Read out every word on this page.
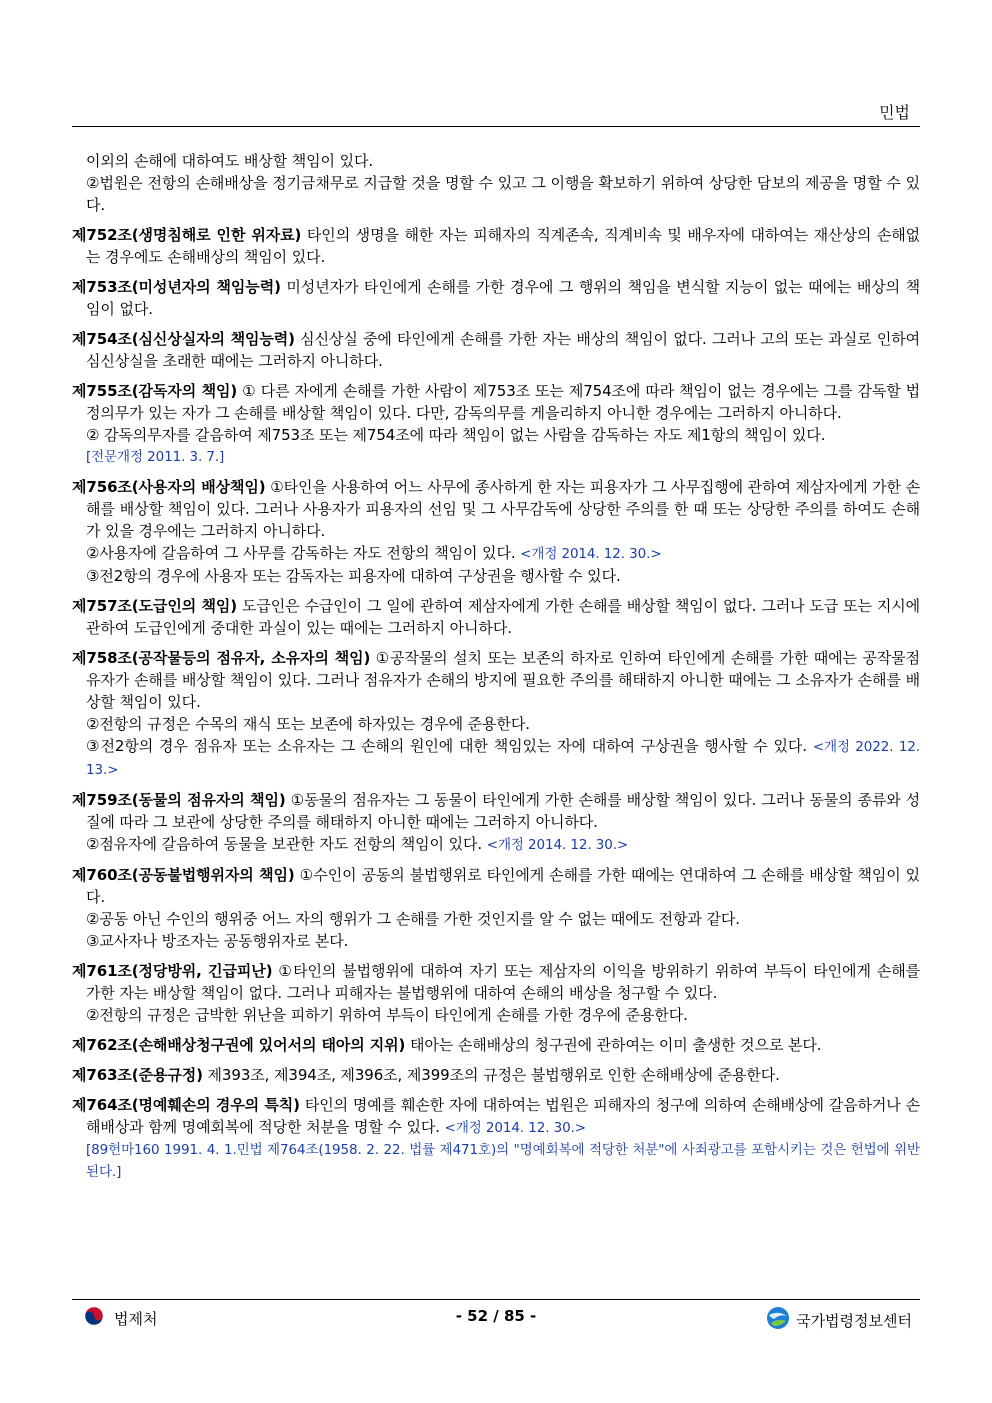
민법

이외의 손해에 대하여도 배상할 책임이 있다.

②법원은 전항의 손해배상을 정기금채무로 지급할 것을 명할 수 있고 그 이행을 확보하기 위하여 상당한 담보의 제공을 명할 수 있다.

제752조(생명침해로 인한 위자료) 타인의 생명을 해한 자는 피해자의 직계존속, 직계비속 및 배우자에 대하여는 재산상의 손해없는 경우에도 손해배상의 책임이 있다.
제753조(미성년자의 책임능력) 미성년자가 타인에게 손해를 가한 경우에 그 행위의 책임을 변식할 지능이 없는 때에는 배상의 책임이 없다.
제754조(심신상실자의 책임능력) 심신상실 중에 타인에게 손해를 가한 자는 배상의 책임이 없다. 그러나 고의 또는 과실로 인하여 심신상실을 초래한 때에는 그러하지 아니하다.
제755조(감독자의 책임) ① 다른 자에게 손해를 가한 사람이 제753조 또는 제754조에 따라 책임이 없는 경우에는 그를 감독할 법정의무가 있는 자가 그 손해를 배상할 책임이 있다. 다만, 감독의무를 게을리하지 아니한 경우에는 그러하지 아니하다.
② 감독의무자를 갈음하여 제753조 또는 제754조에 따라 책임이 없는 사람을 감독하는 자도 제1항의 책임이 있다.
[전문개정 2011. 3. 7.]
제756조(사용자의 배상책임) ①타인을 사용하여 어느 사무에 종사하게 한 자는 피용자가 그 사무집행에 관하여 제삼자에게 가한 손해를 배상할 책임이 있다. 그러나 사용자가 피용자의 선임 및 그 사무감독에 상당한 주의를 한 때 또는 상당한 주의를 하여도 손해가 있을 경우에는 그러하지 아니하다.
②사용자에 갈음하여 그 사무를 감독하는 자도 전항의 책임이 있다. <개정 2014. 12. 30.>
③전2항의 경우에 사용자 또는 감독자는 피용자에 대하여 구상권을 행사할 수 있다.
제757조(도급인의 책임) 도급인은 수급인이 그 일에 관하여 제삼자에게 가한 손해를 배상할 책임이 없다. 그러나 도급 또는 지시에 관하여 도급인에게 중대한 과실이 있는 때에는 그러하지 아니하다.
제758조(공작물등의 점유자, 소유자의 책임) ①공작물의 설치 또는 보존의 하자로 인하여 타인에게 손해를 가한 때에는 공작물점유자가 손해를 배상할 책임이 있다. 그러나 점유자가 손해의 방지에 필요한 주의를 해태하지 아니한 때에는 그 소유자가 손해를 배상할 책임이 있다.
②전항의 규정은 수목의 재식 또는 보존에 하자있는 경우에 준용한다.
③전2항의 경우 점유자 또는 소유자는 그 손해의 원인에 대한 책임있는 자에 대하여 구상권을 행사할 수 있다. <개정 2022. 12. 13.>
제759조(동물의 점유자의 책임) ①동물의 점유자는 그 동물이 타인에게 가한 손해를 배상할 책임이 있다. 그러나 동물의 종류와 성질에 따라 그 보관에 상당한 주의를 해태하지 아니한 때에는 그러하지 아니하다.
②점유자에 갈음하여 동물을 보관한 자도 전항의 책임이 있다. <개정 2014. 12. 30.>
제760조(공동불법행위자의 책임) ①수인이 공동의 불법행위로 타인에게 손해를 가한 때에는 연대하여 그 손해를 배상할 책임이 있다.
②공동 아닌 수인의 행위중 어느 자의 행위가 그 손해를 가한 것인지를 알 수 없는 때에도 전항과 같다.
③교사자나 방조자는 공동행위자로 본다.
제761조(정당방위, 긴급피난) ①타인의 불법행위에 대하여 자기 또는 제삼자의 이익을 방위하기 위하여 부득이 타인에게 손해를 가한 자는 배상할 책임이 없다. 그러나 피해자는 불법행위에 대하여 손해의 배상을 청구할 수 있다.
②전항의 규정은 급박한 위난을 피하기 위하여 부득이 타인에게 손해를 가한 경우에 준용한다.
제762조(손해배상청구권에 있어서의 태아의 지위) 태아는 손해배상의 청구권에 관하여는 이미 출생한 것으로 본다.
제763조(준용규정) 제393조, 제394조, 제396조, 제399조의 규정은 불법행위로 인한 손해배상에 준용한다.
제764조(명예훼손의 경우의 특칙) 타인의 명예를 훼손한 자에 대하여는 법원은 피해자의 청구에 의하여 손해배상에 갈음하거나 손해배상과 함께 명예회복에 적당한 처분을 명할 수 있다. <개정 2014. 12. 30.>
[89헌마160 1991. 4. 1.민법 제764조(1958. 2. 22. 법률 제471호)의 "명예회복에 적당한 처분"에 사죄광고를 포함시키는 것은 헌법에 위반된다.]
법제처	- 52 / 85 -	국가법령정보센터
